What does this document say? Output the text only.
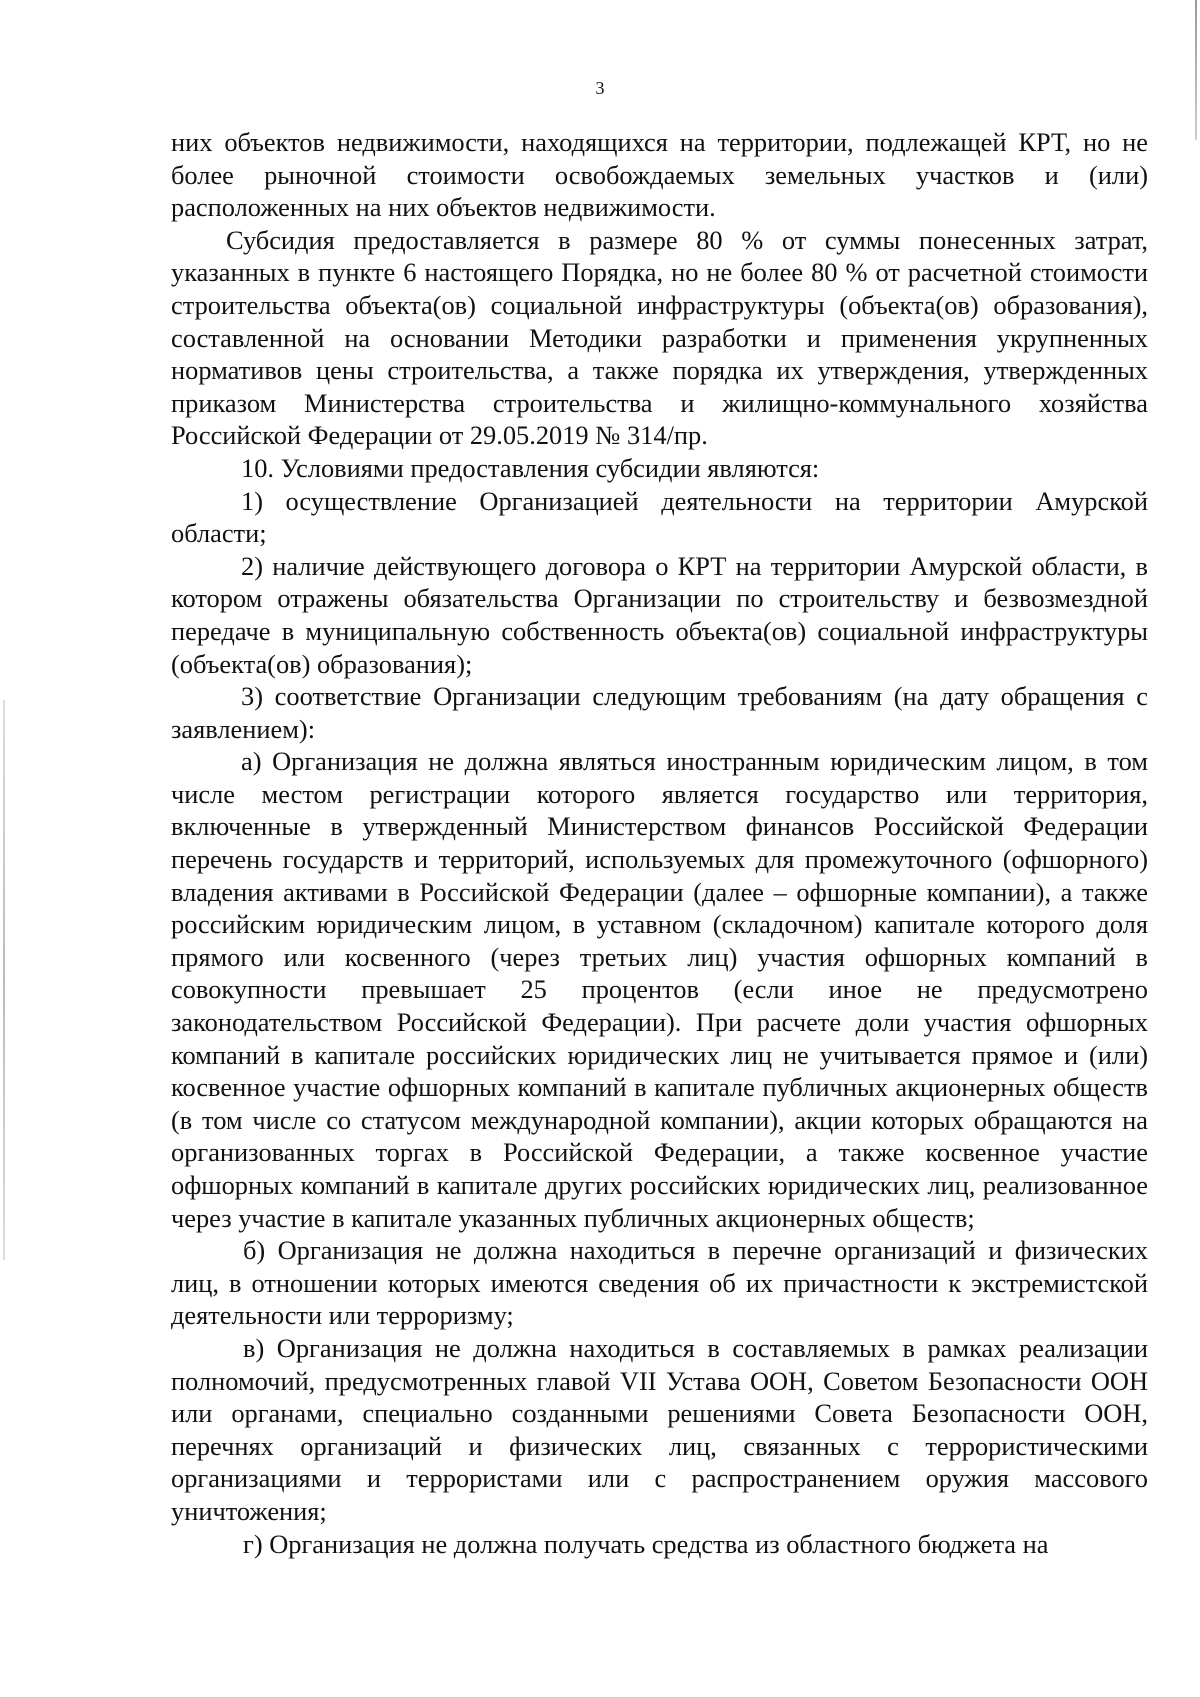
3

них объектов недвижимости, находящихся на территории, подлежащей КРТ, но не более рыночной стоимости освобождаемых земельных участков и (или) расположенных на них объектов недвижимости.

Субсидия предоставляется в размере 80 % от суммы понесенных затрат, указанных в пункте 6 настоящего Порядка, но не более 80 % от расчетной стоимости строительства объекта(ов) социальной инфраструктуры (объекта(ов) образования), составленной на основании Методики разработки и применения укрупненных нормативов цены строительства, а также порядка их утверждения, утвержденных приказом Министерства строительства и жилищно-коммунального хозяйства Российской Федерации от 29.05.2019 № 314/пр.

10. Условиями предоставления субсидии являются:

1) осуществление Организацией деятельности на территории Амурской области;

2) наличие действующего договора о КРТ на территории Амурской области, в котором отражены обязательства Организации по строительству и безвозмездной передаче в муниципальную собственность объекта(ов) социальной инфраструктуры (объекта(ов) образования);

3) соответствие Организации следующим требованиям (на дату обращения с заявлением):

а) Организация не должна являться иностранным юридическим лицом, в том числе местом регистрации которого является государство или территория, включенные в утвержденный Министерством финансов Российской Федерации перечень государств и территорий, используемых для промежуточного (офшорного) владения активами в Российской Федерации (далее – офшорные компании), а также российским юридическим лицом, в уставном (складочном) капитале которого доля прямого или косвенного (через третьих лиц) участия офшорных компаний в совокупности превышает 25 процентов (если иное не предусмотрено законодательством Российской Федерации). При расчете доли участия офшорных компаний в капитале российских юридических лиц не учитывается прямое и (или) косвенное участие офшорных компаний в капитале публичных акционерных обществ (в том числе со статусом международной компании), акции которых обращаются на организованных торгах в Российской Федерации, а также косвенное участие офшорных компаний в капитале других российских юридических лиц, реализованное через участие в капитале указанных публичных акционерных обществ;

б) Организация не должна находиться в перечне организаций и физических лиц, в отношении которых имеются сведения об их причастности к экстремистской деятельности или терроризму;

в) Организация не должна находиться в составляемых в рамках реализации полномочий, предусмотренных главой VII Устава ООН, Советом Безопасности ООН или органами, специально созданными решениями Совета Безопасности ООН, перечнях организаций и физических лиц, связанных с террористическими организациями и террористами или с распространением оружия массового уничтожения;

г) Организация не должна получать средства из областного бюджета на
